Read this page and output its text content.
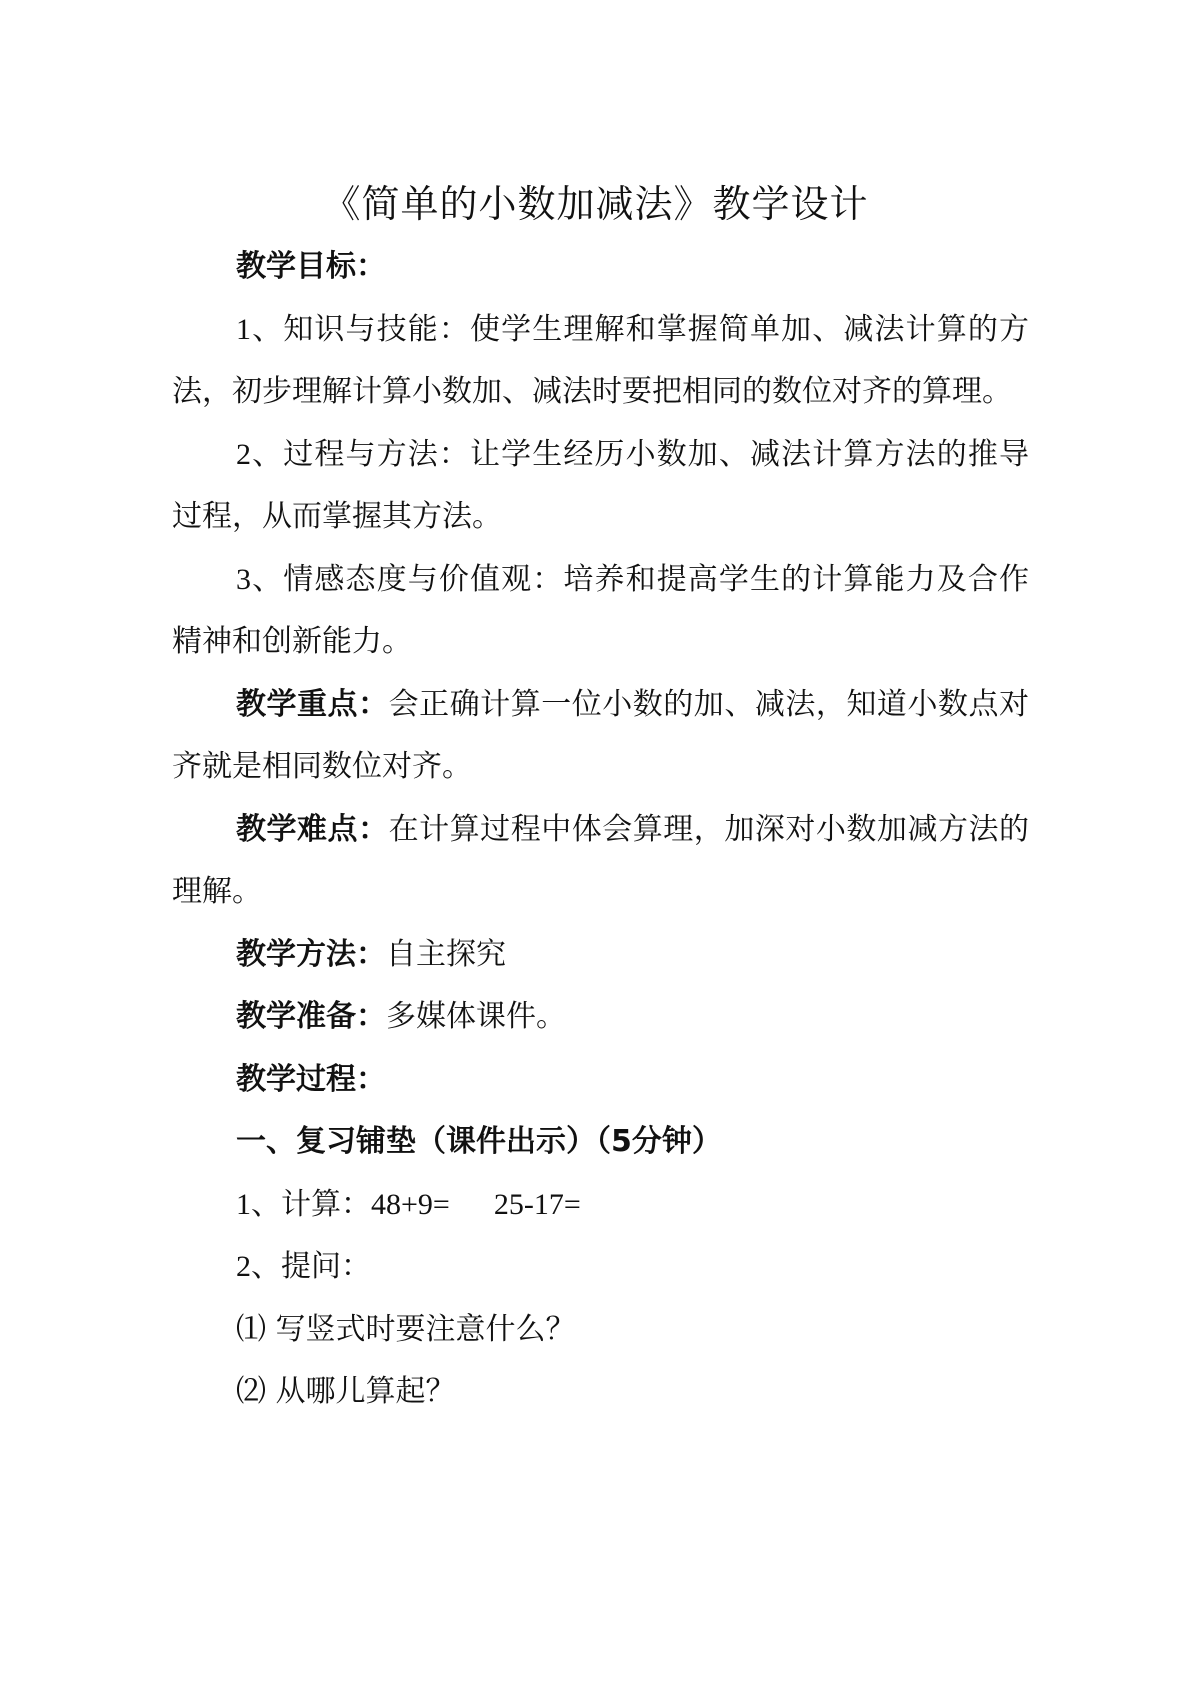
《简单的小数加减法》教学设计

教学目标：

1、知识与技能：使学生理解和掌握简单加、减法计算的方法，初步理解计算小数加、减法时要把相同的数位对齐的算理。

2、过程与方法：让学生经历小数加、减法计算方法的推导过程，从而掌握其方法。

3、情感态度与价值观：培养和提高学生的计算能力及合作精神和创新能力。

教学重点：会正确计算一位小数的加、减法，知道小数点对齐就是相同数位对齐。

教学难点：在计算过程中体会算理，加深对小数加减方法的理解。

教学方法：自主探究

教学准备：多媒体课件。

教学过程：

一、复习铺垫（课件出示）（5分钟）

1、计算：48+9= 25-17=

2、提问：

⑴ 写竖式时要注意什么？

⑵ 从哪儿算起？
